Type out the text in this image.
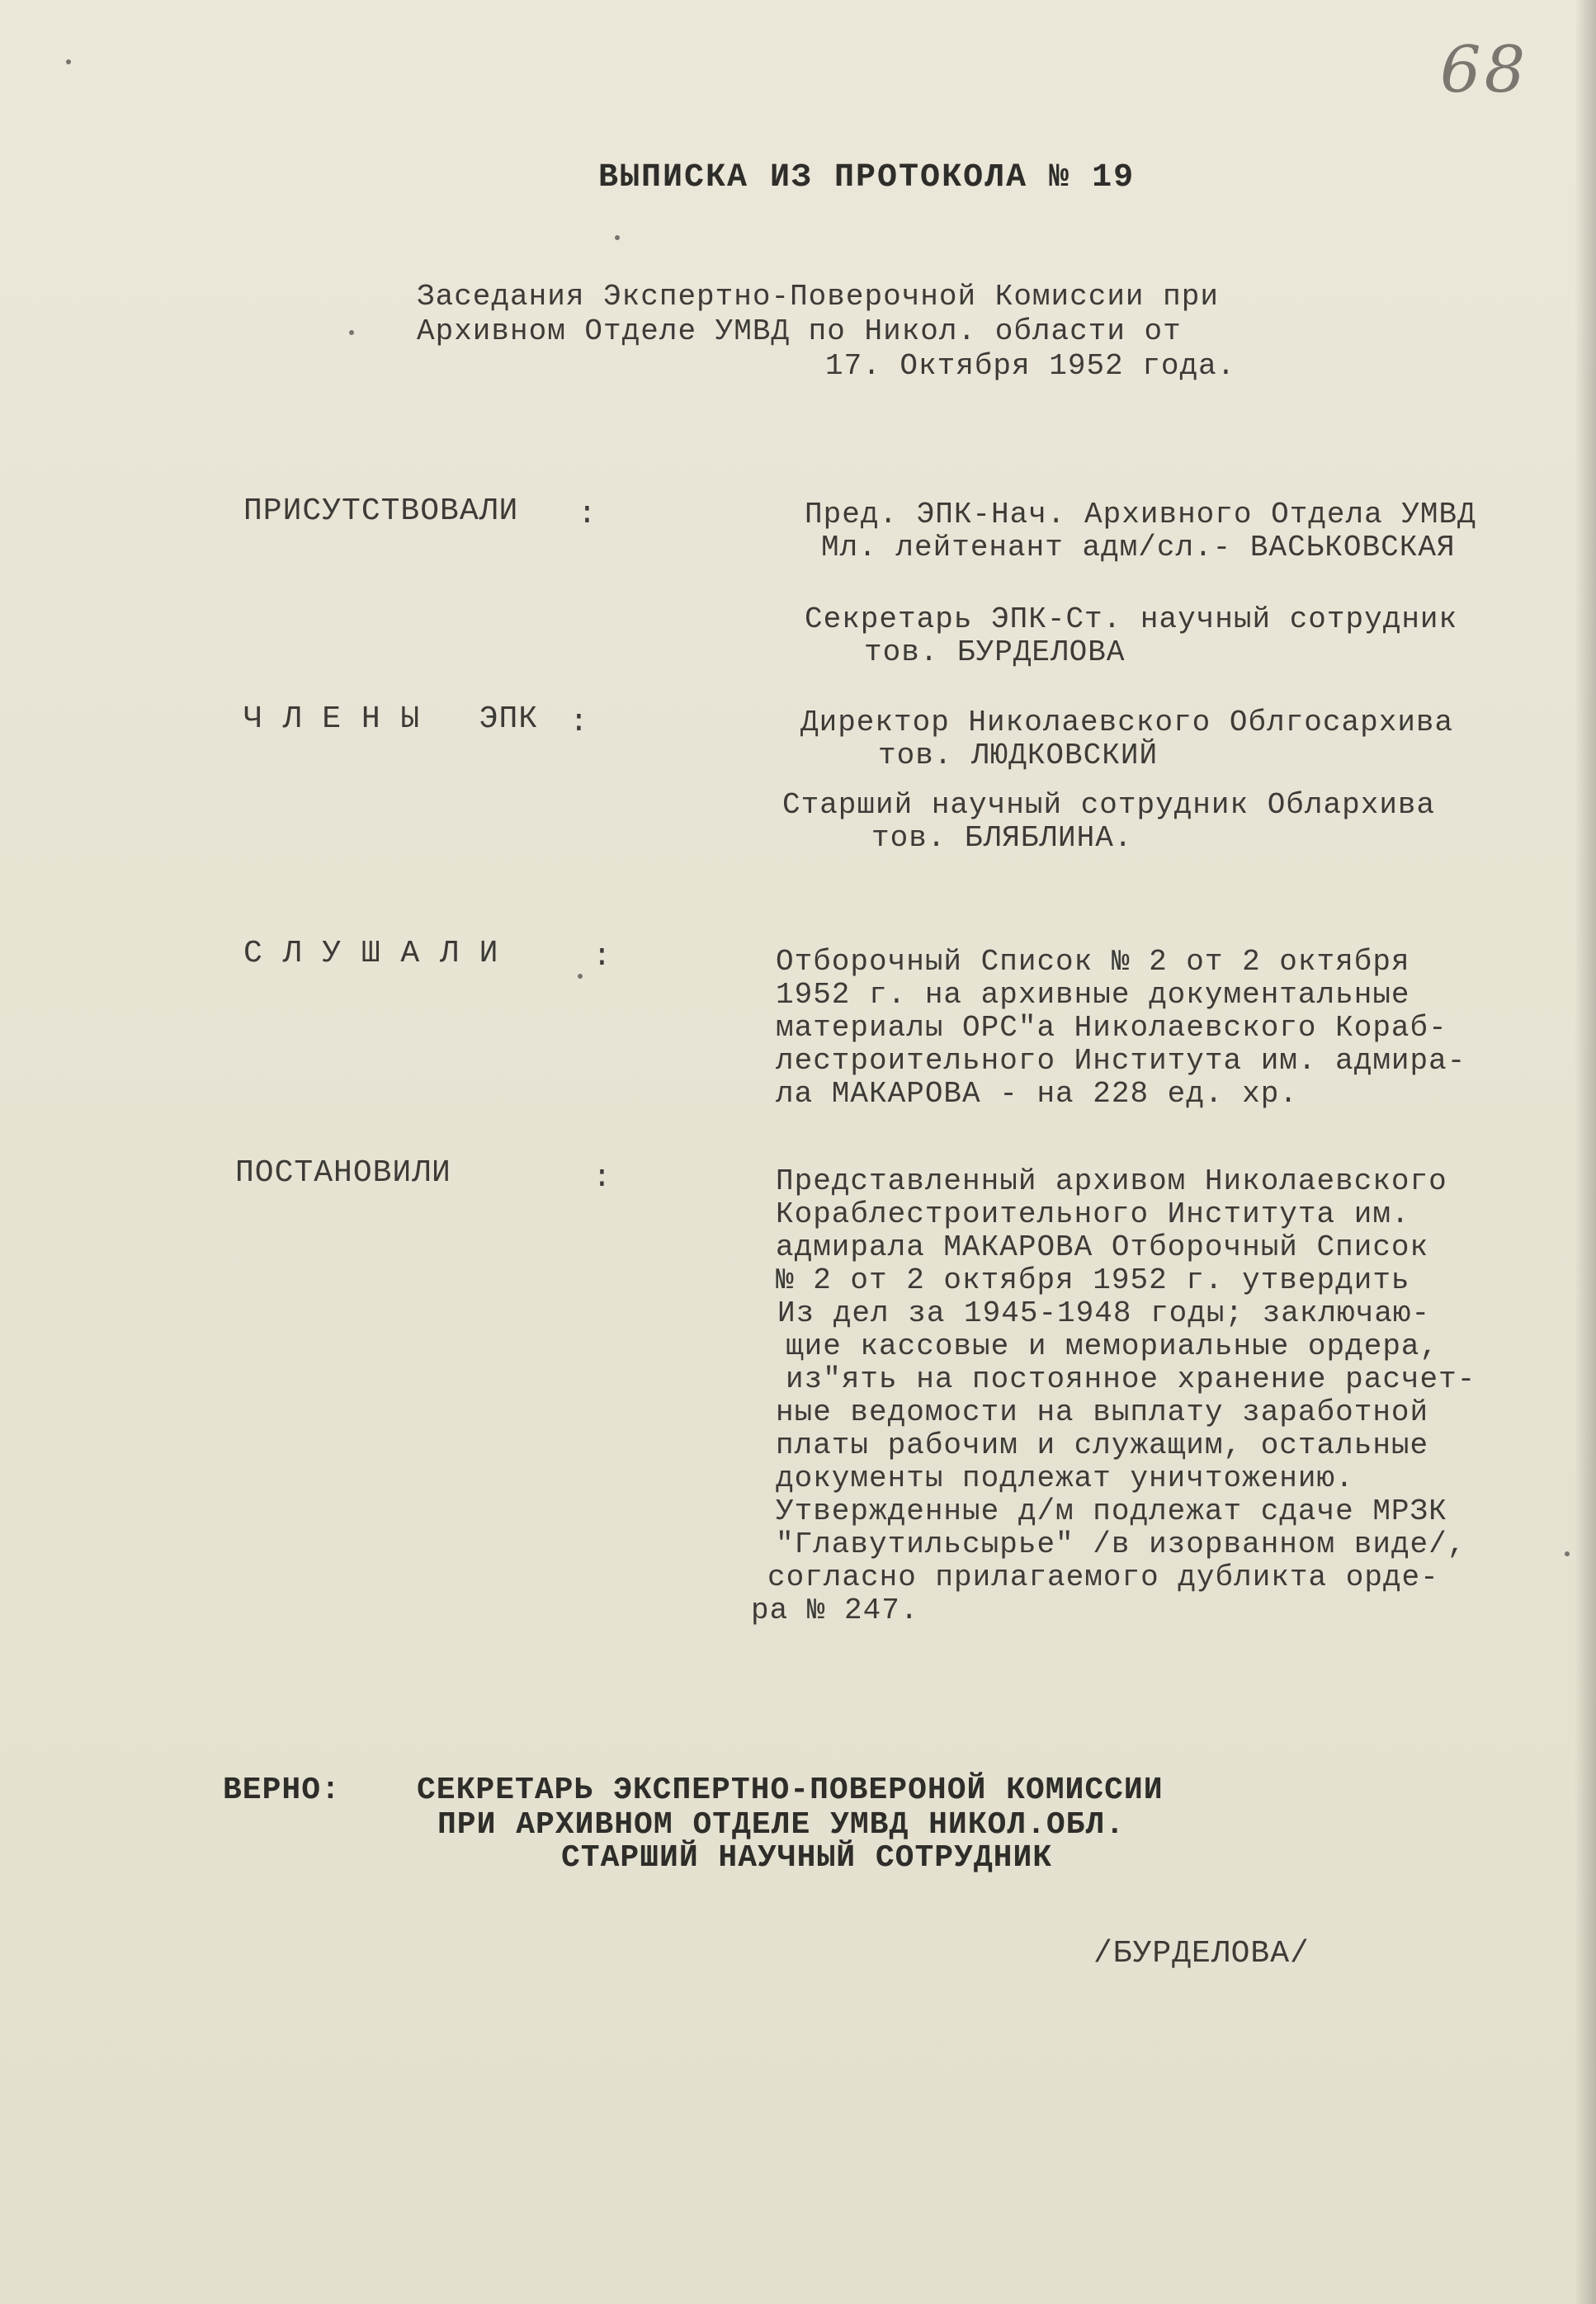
68
ВЫПИСКА ИЗ ПРОТОКОЛА № 19
Заседания Экспертно-Поверочной Комиссии при
Архивном Отделе УМВД по Никол. области от
17. Октября 1952 года.
ПРИСУТСТВОВАЛИ :	Пред. ЭПК-Нач. Архивного Отдела УМВД
Мл. лейтенант адм/сл.- ВАСЬКОВСКАЯ
Секретарь ЭПК-Ст. научный сотрудник
тов. БУРДЕЛОВА
Ч Л Е Н Ы   ЭПК :	Директор Николаевского Облгосархива
тов. ЛЮДКОВСКИЙ
Старший научный сотрудник Облархива
тов. БЛЯБЛИНА.
С Л У Ш А Л И	:	Отборочный Список № 2 от 2 октября
1952 г. на архивные документальные
материалы ОРС"а Николаевского Кораб-
лестроительного Института им. адмира-
ла МАКАРОВА - на 228 ед. хр.
ПОСТАНОВИЛИ	:	Представленный архивом Николаевского
Кораблестроительного Института им.
адмирала МАКАРОВА Отборочный Список
№ 2 от 2 октября 1952 г. утвердить
Из дел за 1945-1948 годы; заключаю-
щие кассовые и мемориальные ордера,
из"ять на постоянное хранение расчет-
ные ведомости на выплату заработной
платы рабочим и служащим, остальные
документы подлежат уничтожению.
Утвержденные д/м подлежат сдаче МРЗК
"Главутильсырье" /в изорванном виде/,
согласно прилагаемого дубликта орде-
ра № 247.
ВЕРНО: СЕКРЕТАРЬ ЭКСПЕРТНО-ПОВЕРОНОЙ КОМИССИИ
ПРИ АРХИВНОМ ОТДЕЛЕ УМВД НИКОЛ.ОБЛ.
СТАРШИЙ НАУЧНЫЙ СОТРУДНИК
/БУРДЕЛОВА/
